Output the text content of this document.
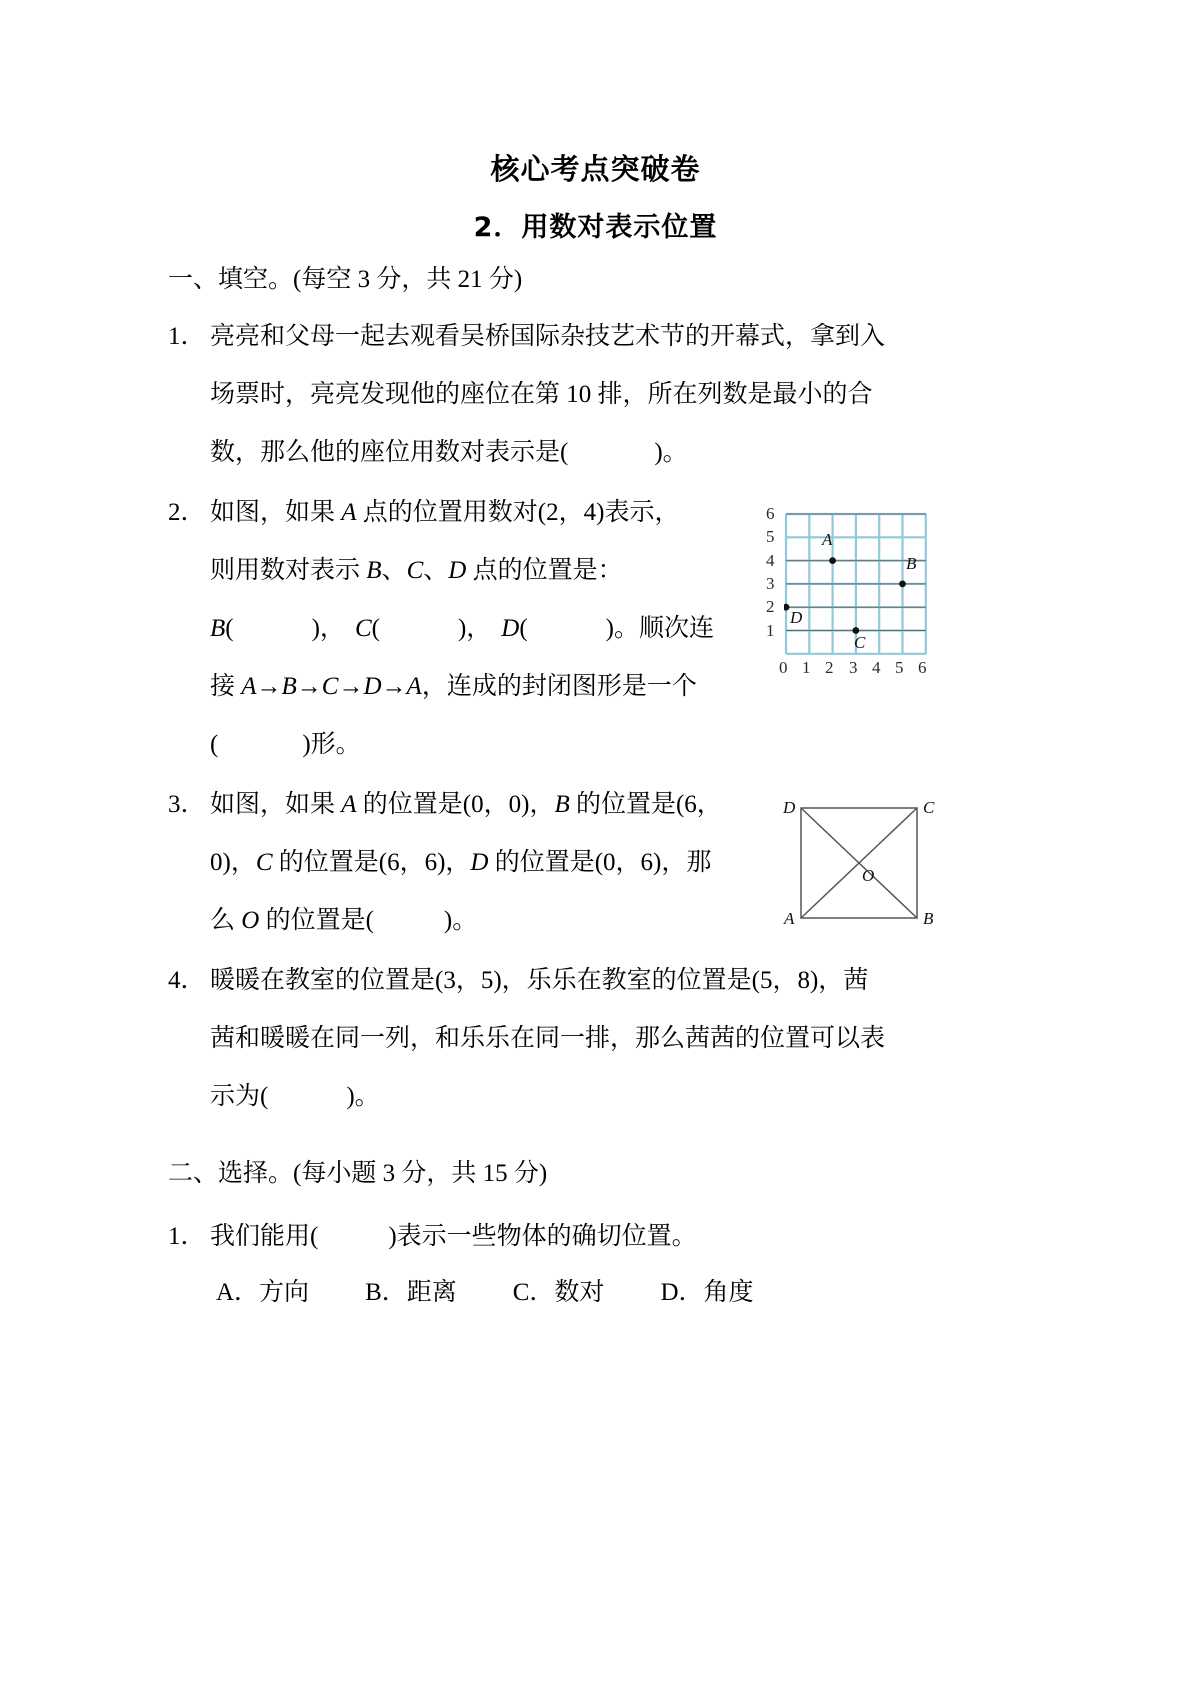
核心考点突破卷
2．用数对表示位置
一、填空。(每空 3 分，共 21 分)
1． 亮亮和父母一起去观看吴桥国际杂技艺术节的开幕式，拿到入
场票时，亮亮发现他的座位在第 10 排，所在列数是最小的合
数，那么他的座位用数对表示是(	)。
2． 如图，如果 A 点的位置用数对(2，4)表示，
则用数对表示 B、C、D 点的位置是：
B(	)， C(	)， D(	)。顺次连
接 A→B→C→D→A，连成的封闭图形是一个
(	)形。
3． 如图，如果 A 的位置是(0，0)，B 的位置是(6，
0)，C 的位置是(6，6)，D 的位置是(0，6)，那
么 O 的位置是(	)。
4． 暖暖在教室的位置是(3，5)，乐乐在教室的位置是(5，8)，茜
茜和暖暖在同一列，和乐乐在同一排，那么茜茜的位置可以表
示为(	)。
二、选择。(每小题 3 分，共 15 分)
1． 我们能用(	)表示一些物体的确切位置。
A．方向 B．距离 C．数对 D．角度
A
B
C
D
6
5
4
3
2
1
0 1 2 3 4 5 6
D	C
A	B
O
